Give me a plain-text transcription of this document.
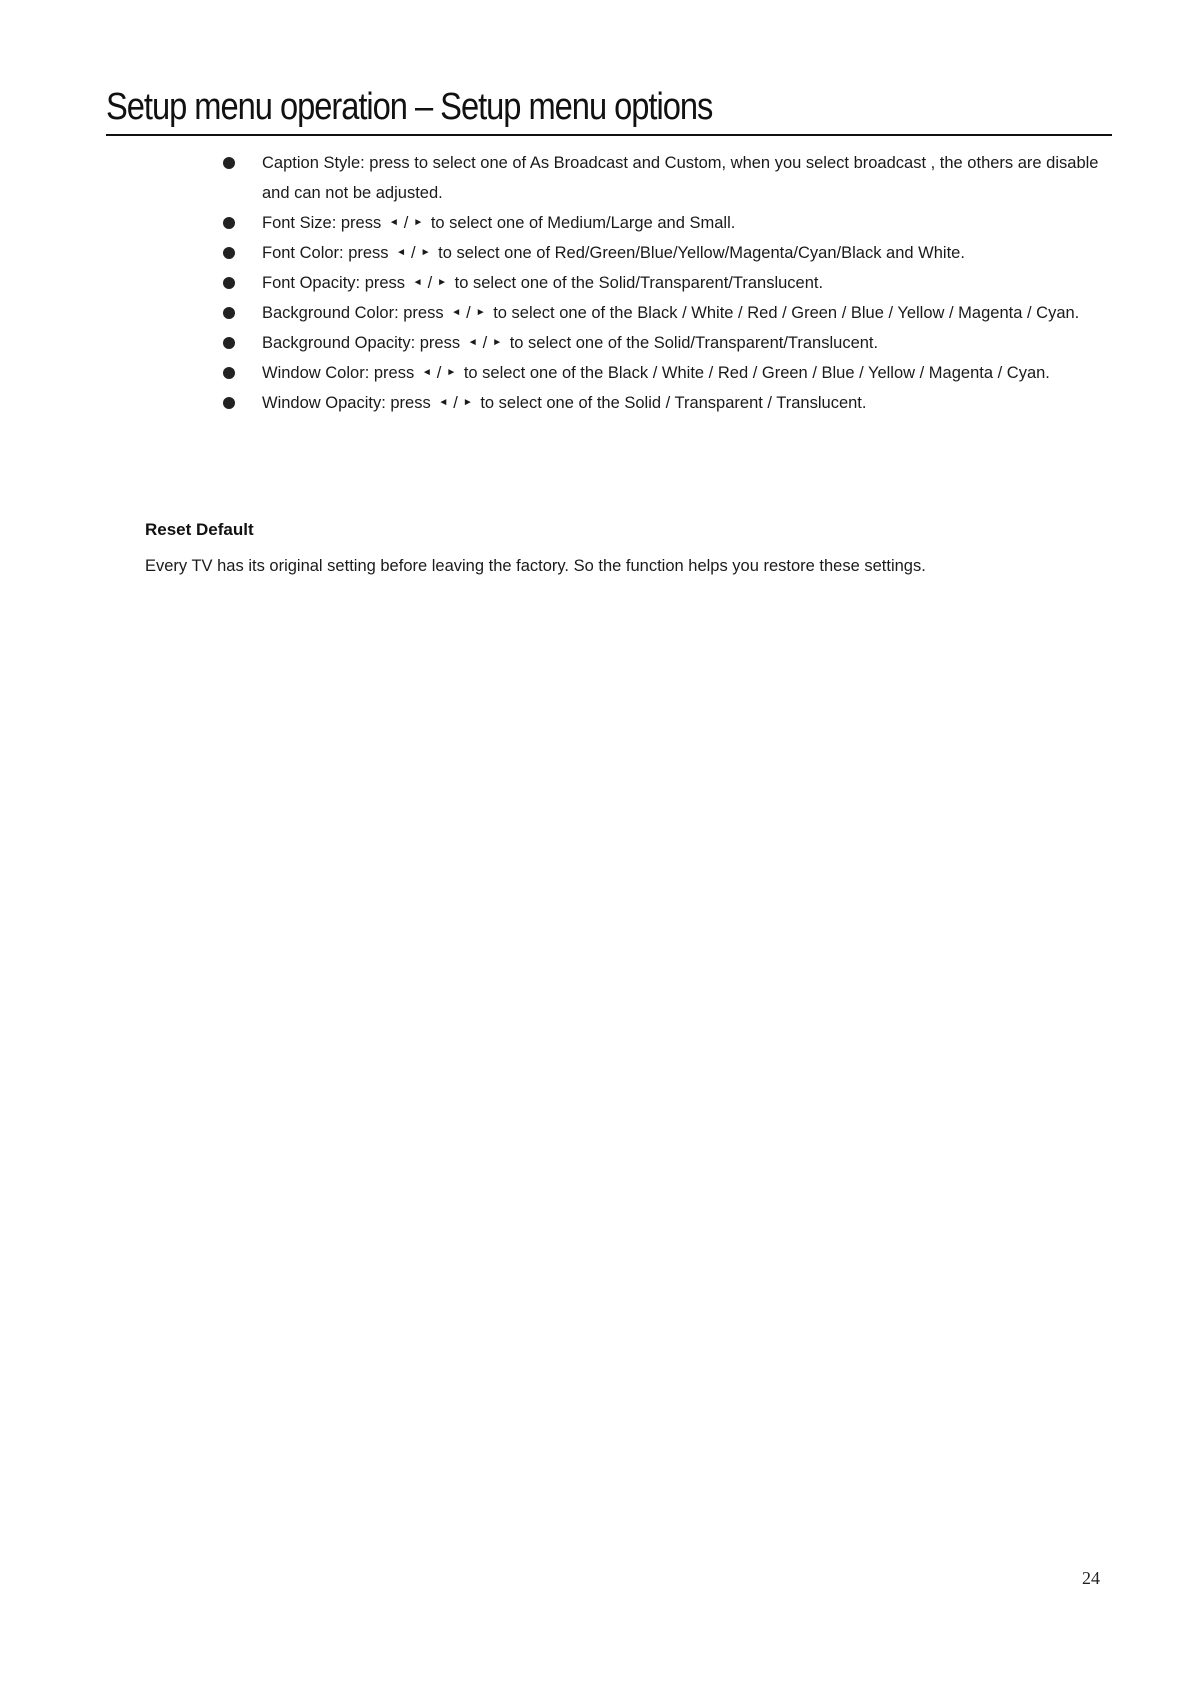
Setup menu operation – Setup menu options
Caption Style: press to select one of As Broadcast and Custom, when you select broadcast , the others are disable and can not be adjusted.
Font Size: press ◄ / ► to select one of Medium/Large and Small.
Font Color: press ◄ / ► to select one of Red/Green/Blue/Yellow/Magenta/Cyan/Black and White.
Font Opacity: press ◄ / ► to select one of the Solid/Transparent/Translucent.
Background Color: press ◄ / ► to select one of the Black / White / Red / Green / Blue / Yellow / Magenta / Cyan.
Background Opacity: press ◄ / ► to select one of the Solid/Transparent/Translucent.
Window Color: press ◄ / ► to select one of the Black / White / Red / Green / Blue / Yellow / Magenta / Cyan.
Window Opacity: press ◄ / ► to select one of the Solid / Transparent / Translucent.
Reset Default
Every TV has its original setting before leaving the factory. So the function helps you restore these settings.
24
